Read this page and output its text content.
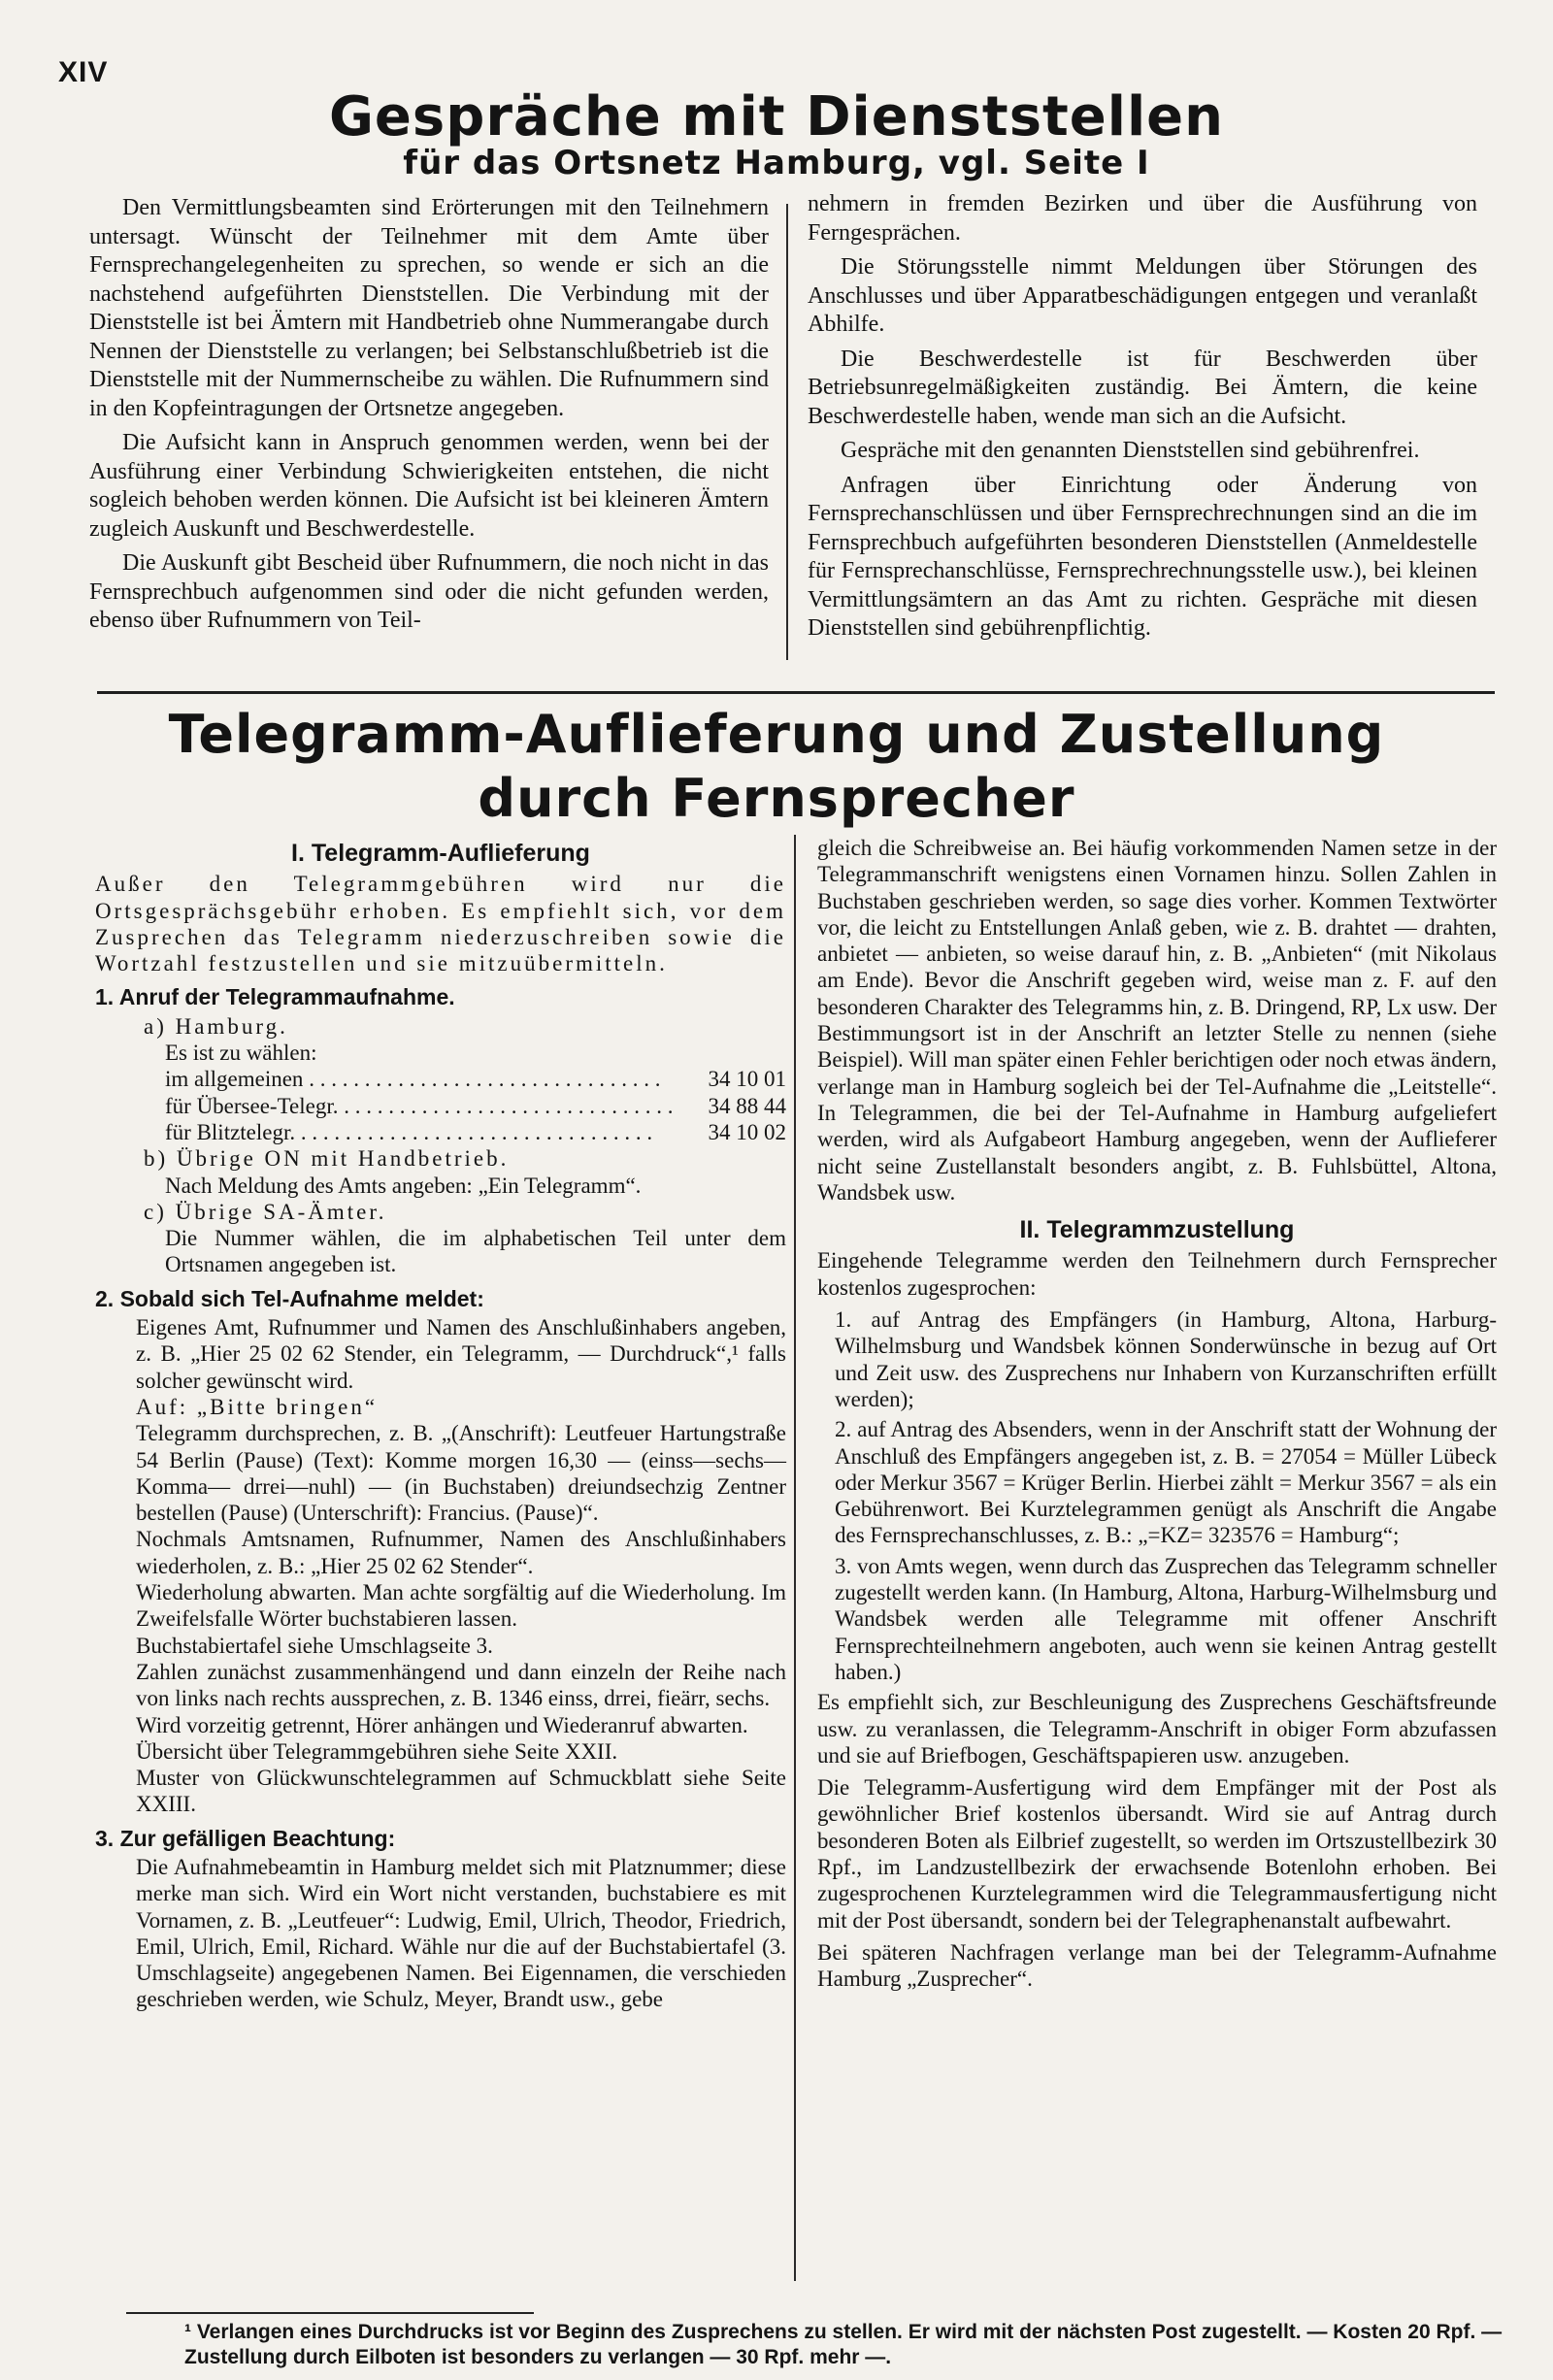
XIV
Gespräche mit Dienststellen
für das Ortsnetz Hamburg, vgl. Seite I

Den Vermittlungsbeamten sind Erörterungen mit den Teilnehmern untersagt. Wünscht der Teilnehmer mit dem Amte über Fernsprechangelegenheiten zu sprechen, so wende er sich an die nachstehend aufgeführten Dienststellen. Die Verbindung mit der Dienststelle ist bei Ämtern mit Handbetrieb ohne Nummerangabe durch Nennen der Dienststelle zu verlangen; bei Selbstanschlußbetrieb ist die Dienststelle mit der Nummernscheibe zu wählen. Die Rufnummern sind in den Kopfeintragungen der Ortsnetze angegeben.

Die Aufsicht kann in Anspruch genommen werden, wenn bei der Ausführung einer Verbindung Schwierigkeiten entstehen, die nicht sogleich behoben werden können. Die Aufsicht ist bei kleineren Ämtern zugleich Auskunft und Beschwerdestelle.

Die Auskunft gibt Bescheid über Rufnummern, die noch nicht in das Fernsprechbuch aufgenommen sind oder die nicht gefunden werden, ebenso über Rufnummern von Teil-

nehmern in fremden Bezirken und über die Ausführung von Ferngesprächen.

Die Störungsstelle nimmt Meldungen über Störungen des Anschlusses und über Apparatbeschädigungen entgegen und veranlaßt Abhilfe.

Die Beschwerdestelle ist für Beschwerden über Betriebsunregelmäßigkeiten zuständig. Bei Ämtern, die keine Beschwerdestelle haben, wende man sich an die Aufsicht.

Gespräche mit den genannten Dienststellen sind gebührenfrei.

Anfragen über Einrichtung oder Änderung von Fernsprechanschlüssen und über Fernsprechrechnungen sind an die im Fernsprechbuch aufgeführten besonderen Dienststellen (Anmeldestelle für Fernsprechanschlüsse, Fernsprechrechnungsstelle usw.), bei kleinen Vermittlungsämtern an das Amt zu richten. Gespräche mit diesen Dienststellen sind gebührenpflichtig.

Telegramm-Auflieferung und Zustellung durch Fernsprecher
I. Telegramm-Auflieferung

Außer den Telegrammgebühren wird nur die Ortsgesprächsgebühr erhoben. Es empfiehlt sich, vor dem Zusprechen das Telegramm niederzuschreiben sowie die Wortzahl festzustellen und sie mitzuübermitteln.

1. Anruf der Telegrammaufnahme.
a) Hamburg.
Es ist zu wählen:
im allgemeinen . . .	34 10 01
für Übersee-Telegr. . . .	34 88 44
für Blitztelegr. . . .	34 10 02
b) Übrige ON mit Handbetrieb.
Nach Meldung des Amts angeben: „Ein Telegramm“.
c) Übrige SA-Ämter.
Die Nummer wählen, die im alphabetischen Teil unter dem Ortsnamen angegeben ist.
2. Sobald sich Tel-Aufnahme meldet:
Eigenes Amt, Rufnummer und Namen des Anschlußinhabers angeben, z. B. „Hier 25 02 62 Stender, ein Telegramm, — Durchdruck“,¹ falls solcher gewünscht wird.
Auf: „Bitte bringen“
Telegramm durchsprechen, z. B. „(Anschrift): Leutfeuer Hartungstraße 54 Berlin (Pause) (Text): Komme morgen 16,30 — (einss—sechs—Komma— drrei—nuhl) — (in Buchstaben) dreiundsechzig Zentner bestellen (Pause) (Unterschrift): Francius. (Pause)“.
Nochmals Amtsnamen, Rufnummer, Namen des Anschlußinhabers wiederholen, z. B.: „Hier 25 02 62 Stender“.
Wiederholung abwarten. Man achte sorgfältig auf die Wiederholung. Im Zweifelsfalle Wörter buchstabieren lassen.
Buchstabiertafel siehe Umschlagseite 3.
Zahlen zunächst zusammenhängend und dann einzeln der Reihe nach von links nach rechts aussprechen, z. B. 1346 einss, drrei, fieärr, sechs.
Wird vorzeitig getrennt, Hörer anhängen und Wiederanruf abwarten.
Übersicht über Telegrammgebühren siehe Seite XXII.
Muster von Glückwunschtelegrammen auf Schmuckblatt siehe Seite XXIII.
3. Zur gefälligen Beachtung:
Die Aufnahmebeamtin in Hamburg meldet sich mit Platznummer; diese merke man sich. Wird ein Wort nicht verstanden, buchstabiere es mit Vornamen, z. B. „Leutfeuer“: Ludwig, Emil, Ulrich, Theodor, Friedrich, Emil, Ulrich, Emil, Richard. Wähle nur die auf der Buchstabiertafel (3. Umschlagseite) angegebenen Namen. Bei Eigennamen, die verschieden geschrieben werden, wie Schulz, Meyer, Brandt usw., gebe

gleich die Schreibweise an. Bei häufig vorkommenden Namen setze in der Telegrammanschrift wenigstens einen Vornamen hinzu. Sollen Zahlen in Buchstaben geschrieben werden, so sage dies vorher. Kommen Textwörter vor, die leicht zu Entstellungen Anlaß geben, wie z. B. drahtet — drahten, anbietet — anbieten, so weise darauf hin, z. B. „Anbieten“ (mit Nikolaus am Ende). Bevor die Anschrift gegeben wird, weise man z. F. auf den besonderen Charakter des Telegramms hin, z. B. Dringend, RP, Lx usw. Der Bestimmungsort ist in der Anschrift an letzter Stelle zu nennen (siehe Beispiel). Will man später einen Fehler berichtigen oder noch etwas ändern, verlange man in Hamburg sogleich bei der Tel-Aufnahme die „Leitstelle“. In Telegrammen, die bei der Tel-Aufnahme in Hamburg aufgeliefert werden, wird als Aufgabeort Hamburg angegeben, wenn der Auflieferer nicht seine Zustellanstalt besonders angibt, z. B. Fuhlsbüttel, Altona, Wandsbek usw.

II. Telegrammzustellung

Eingehende Telegramme werden den Teilnehmern durch Fernsprecher kostenlos zugesprochen:

1. auf Antrag des Empfängers (in Hamburg, Altona, Harburg-Wilhelmsburg und Wandsbek können Sonderwünsche in bezug auf Ort und Zeit usw. des Zusprechens nur Inhabern von Kurzanschriften erfüllt werden);
2. auf Antrag des Absenders, wenn in der Anschrift statt der Wohnung der Anschluß des Empfängers angegeben ist, z. B. = 27054 = Müller Lübeck oder Merkur 3567 = Krüger Berlin. Hierbei zählt = Merkur 3567 = als ein Gebührenwort. Bei Kurztelegrammen genügt als Anschrift die Angabe des Fernsprechanschlusses, z. B.: „=KZ= 323576 = Hamburg“;
3. von Amts wegen, wenn durch das Zusprechen das Telegramm schneller zugestellt werden kann. (In Hamburg, Altona, Harburg-Wilhelmsburg und Wandsbek werden alle Telegramme mit offener Anschrift Fernsprechteilnehmern angeboten, auch wenn sie keinen Antrag gestellt haben.)

Es empfiehlt sich, zur Beschleunigung des Zusprechens Geschäftsfreunde usw. zu veranlassen, die Telegramm-Anschrift in obiger Form abzufassen und sie auf Briefbogen, Geschäftspapieren usw. anzugeben.

Die Telegramm-Ausfertigung wird dem Empfänger mit der Post als gewöhnlicher Brief kostenlos übersandt. Wird sie auf Antrag durch besonderen Boten als Eilbrief zugestellt, so werden im Ortszustellbezirk 30 Rpf., im Landzustellbezirk der erwachsende Botenlohn erhoben. Bei zugesprochenen Kurztelegrammen wird die Telegrammausfertigung nicht mit der Post übersandt, sondern bei der Telegraphenanstalt aufbewahrt.

Bei späteren Nachfragen verlange man bei der Telegramm-Aufnahme Hamburg „Zusprecher“.

¹ Verlangen eines Durchdrucks ist vor Beginn des Zusprechens zu stellen. Er wird mit der nächsten Post zugestellt. — Kosten 20 Rpf. — Zustellung durch Eilboten ist besonders zu verlangen — 30 Rpf. mehr —.
